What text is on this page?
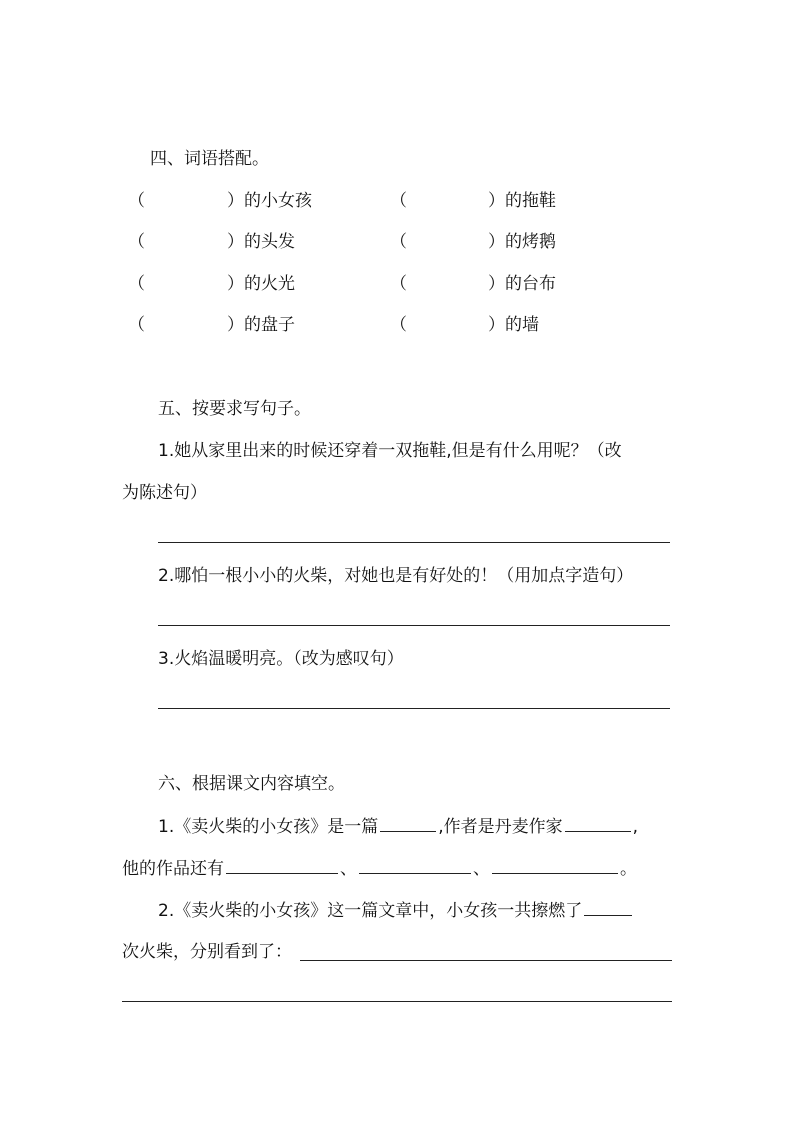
四、词语搭配。
（	）的小女孩	（	）的拖鞋
（	）的头发	（	）的烤鹅
（	）的火光	（	）的台布
（	）的盘子	（	）的墙
五、按要求写句子。
1.她从家里出来的时候还穿着一双拖鞋,但是有什么用呢？（改
为陈述句）
2.哪怕一根小小的火柴，对她也是有好处的！（用加点字造句）
3.火焰温暖明亮。（改为感叹句）
六、根据课文内容填空。
1.《卖火柴的小女孩》是一篇	,作者是丹麦作家	,
他的作品还有	、	、	。
2.《卖火柴的小女孩》这一篇文章中，小女孩一共擦燃了
次火柴，分别看到了：
